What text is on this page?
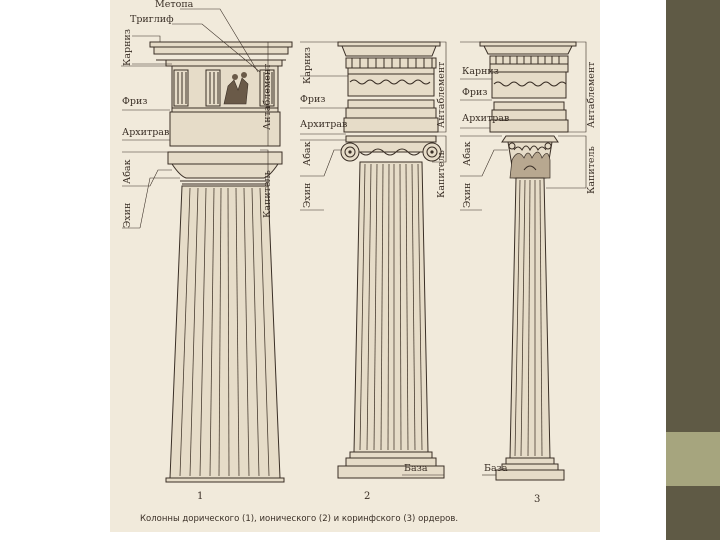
Метопа
Триглиф
Карниз
Фриз
Архитрав
Абак
Эхин
Антаблемент
Капитель
1
Карниз
Фриз
Архитрав
Абак
Эхин
Антаблемент
Капитель
База
2
Карниз
Фриз
Архитрав
Абак
Эхин
Антаблемент
Капитель
База
3
Колонны дорического (1), ионического (2) и коринфского (3) ордеров.
